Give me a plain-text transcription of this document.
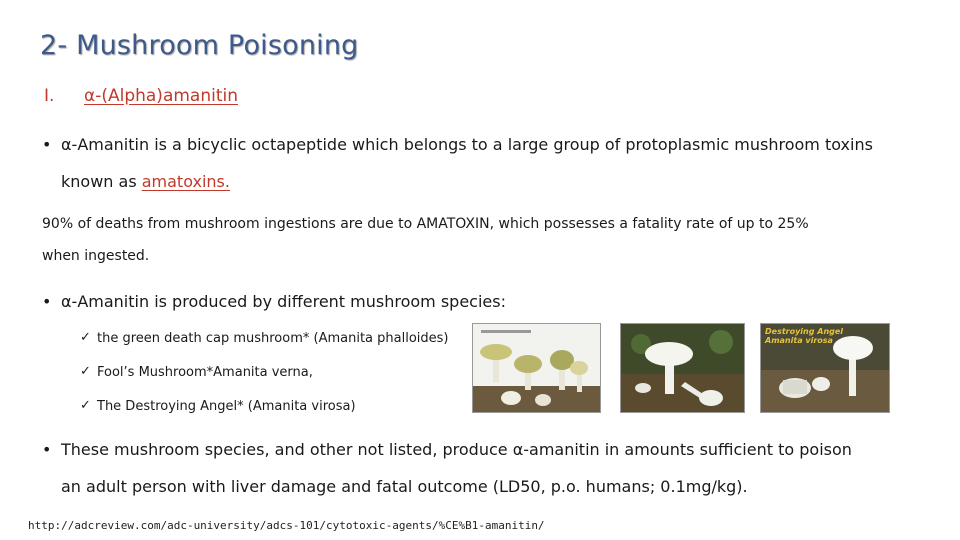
2- Mushroom Poisoning
I. α-(Alpha)amanitin
• α-Amanitin is a bicyclic octapeptide which belongs to a large group of protoplasmic mushroom toxins
known as amatoxins.
90% of deaths from mushroom ingestions are due to AMATOXIN, which possesses a fatality rate of up to 25%
when ingested.
• α-Amanitin is produced by different mushroom species:
✓ the green death cap mushroom* (Amanita phalloides)
✓ Fool’s Mushroom*Amanita verna,
✓ The Destroying Angel* (Amanita virosa)
Destroying Angel
Amanita virosa
• These mushroom species, and other not listed, produce α-amanitin in amounts sufficient to poison
an adult person with liver damage and fatal outcome (LD50, p.o. humans; 0.1mg/kg).
http://adcreview.com/adc-university/adcs-101/cytotoxic-agents/%CE%B1-amanitin/
